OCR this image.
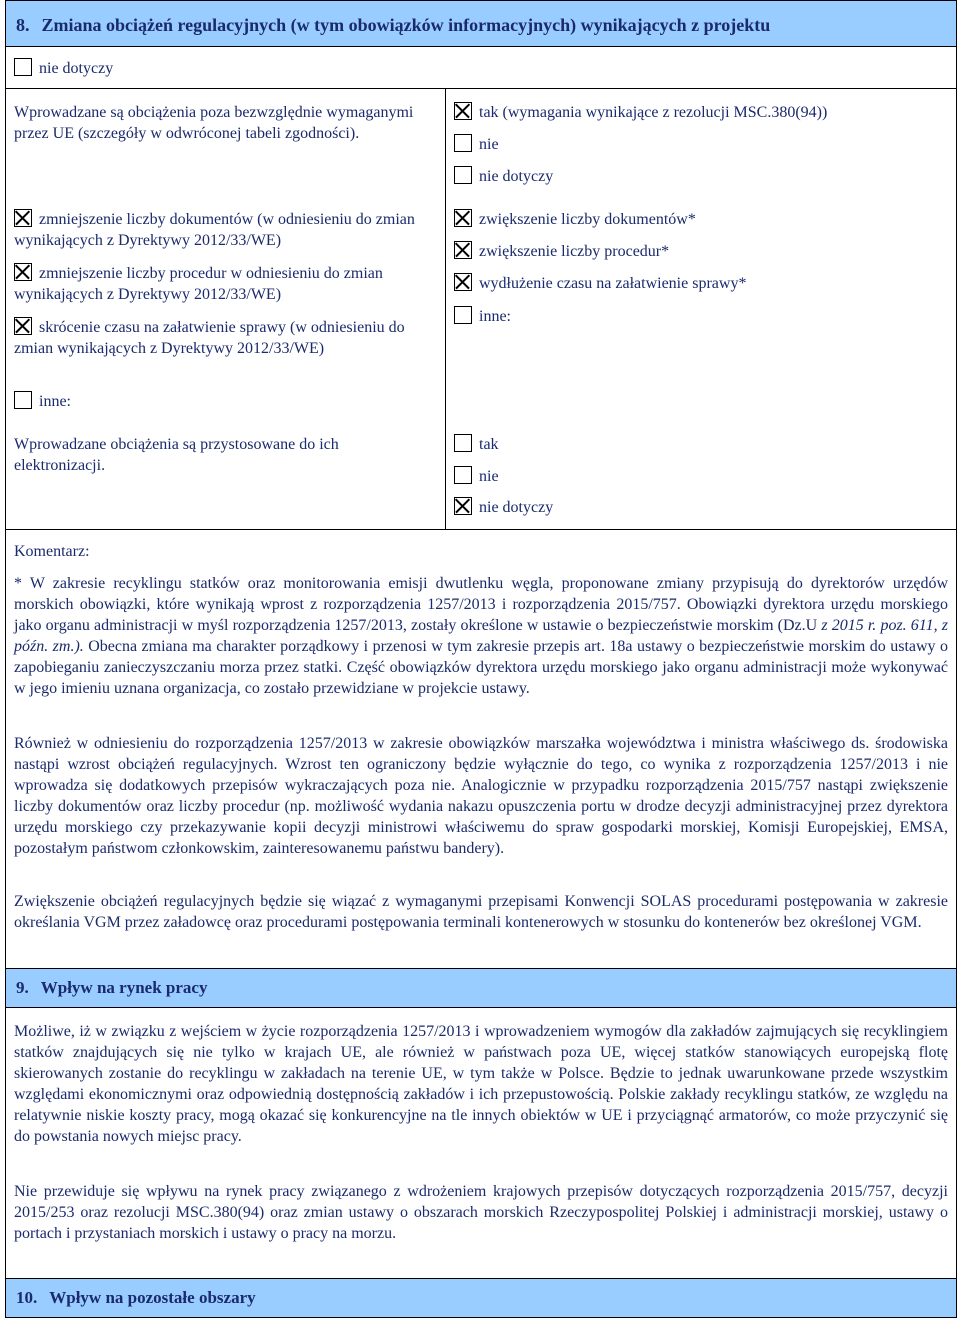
8. Zmiana obciążeń regulacyjnych (w tym obowiązków informacyjnych) wynikających z projektu
nie dotyczy
Wprowadzane są obciążenia poza bezwzględnie wymaganymi przez UE (szczegóły w odwróconej tabeli zgodności).
zmniejszenie liczby dokumentów (w odniesieniu do zmian wynikających z Dyrektywy 2012/33/WE)
zmniejszenie liczby procedur w odniesieniu do zmian wynikających z Dyrektywy 2012/33/WE)
skrócenie czasu na załatwienie sprawy (w odniesieniu do zmian wynikających z Dyrektywy 2012/33/WE)
inne:
Wprowadzane obciążenia są przystosowane do ich elektronizacji.
tak (wymagania wynikające z rezolucji MSC.380(94))
nie
nie dotyczy
zwiększenie liczby dokumentów*
zwiększenie liczby procedur*
wydłużenie czasu na załatwienie sprawy*
inne:
tak
nie
nie dotyczy
Komentarz:
* W zakresie recyklingu statków oraz monitorowania emisji dwutlenku węgla, proponowane zmiany przypisują do dyrektorów urzędów morskich obowiązki, które wynikają wprost z rozporządzenia 1257/2013 i rozporządzenia 2015/757. Obowiązki dyrektora urzędu morskiego jako organu administracji w myśl rozporządzenia 1257/2013, zostały określone w ustawie o bezpieczeństwie morskim (Dz.U z 2015 r. poz. 611, z późn. zm.). Obecna zmiana ma charakter porządkowy i przenosi w tym zakresie przepis art. 18a ustawy o bezpieczeństwie morskim do ustawy o zapobieganiu zanieczyszczaniu morza przez statki. Część obowiązków dyrektora urzędu morskiego jako organu administracji może wykonywać w jego imieniu uznana organizacja, co zostało przewidziane w projekcie ustawy.
Również w odniesieniu do rozporządzenia 1257/2013 w zakresie obowiązków marszałka województwa i ministra właściwego ds. środowiska nastąpi wzrost obciążeń regulacyjnych. Wzrost ten ograniczony będzie wyłącznie do tego, co wynika z rozporządzenia 1257/2013 i nie wprowadza się dodatkowych przepisów wykraczających poza nie. Analogicznie w przypadku rozporządzenia 2015/757 nastąpi zwiększenie liczby dokumentów oraz liczby procedur (np. możliwość wydania nakazu opuszczenia portu w drodze decyzji administracyjnej przez dyrektora urzędu morskiego czy przekazywanie kopii decyzji ministrowi właściwemu do spraw gospodarki morskiej, Komisji Europejskiej, EMSA, pozostałym państwom członkowskim, zainteresowanemu państwu bandery).
Zwiększenie obciążeń regulacyjnych będzie się wiązać z wymaganymi przepisami Konwencji SOLAS procedurami postępowania w zakresie określania VGM przez załadowcę oraz procedurami postępowania terminali kontenerowych w stosunku do kontenerów bez określonej VGM.
9. Wpływ na rynek pracy
Możliwe, iż w związku z wejściem w życie rozporządzenia 1257/2013 i wprowadzeniem wymogów dla zakładów zajmujących się recyklingiem statków znajdujących się nie tylko w krajach UE, ale również w państwach poza UE, więcej statków stanowiących europejską flotę skierowanych zostanie do recyklingu w zakładach na terenie UE, w tym także w Polsce. Będzie to jednak uwarunkowane przede wszystkim względami ekonomicznymi oraz odpowiednią dostępnością zakładów i ich przepustowością. Polskie zakłady recyklingu statków, ze względu na relatywnie niskie koszty pracy, mogą okazać się konkurencyjne na tle innych obiektów w UE i przyciągnąć armatorów, co może przyczynić się do powstania nowych miejsc pracy.
Nie przewiduje się wpływu na rynek pracy związanego z wdrożeniem krajowych przepisów dotyczących rozporządzenia 2015/757, decyzji 2015/253 oraz rezolucji MSC.380(94) oraz zmian ustawy o obszarach morskich Rzeczypospolitej Polskiej i administracji morskiej, ustawy o portach i przystaniach morskich i ustawy o pracy na morzu.
10. Wpływ na pozostałe obszary
